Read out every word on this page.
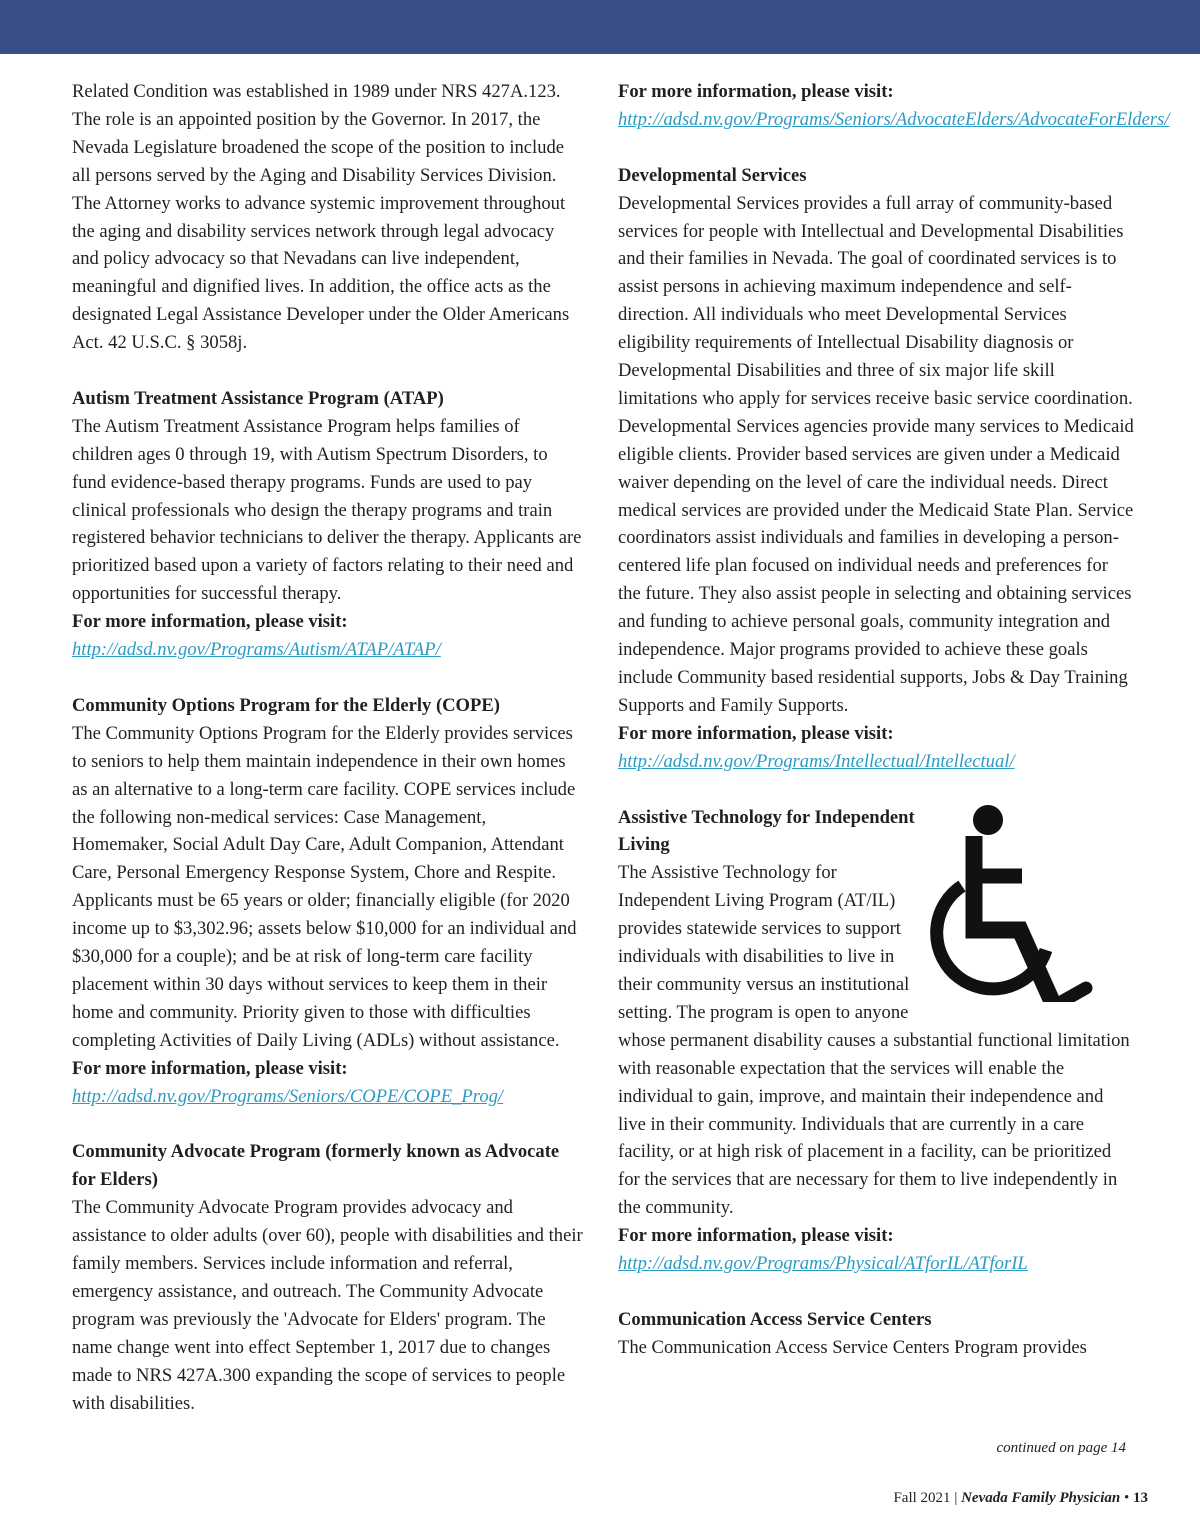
Related Condition was established in 1989 under NRS 427A.123. The role is an appointed position by the Governor. In 2017, the Nevada Legislature broadened the scope of the position to include all persons served by the Aging and Disability Services Division. The Attorney works to advance systemic improvement throughout the aging and disability services network through legal advocacy and policy advocacy so that Nevadans can live independent, meaningful and dignified lives. In addition, the office acts as the designated Legal Assistance Developer under the Older Americans Act. 42 U.S.C. § 3058j.

Autism Treatment Assistance Program (ATAP)

The Autism Treatment Assistance Program helps families of children ages 0 through 19, with Autism Spectrum Disorders, to fund evidence-based therapy programs. Funds are used to pay clinical professionals who design the therapy programs and train registered behavior technicians to deliver the therapy. Applicants are prioritized based upon a variety of factors relating to their need and opportunities for successful therapy.

For more information, please visit:

http://adsd.nv.gov/Programs/Autism/ATAP/ATAP/

Community Options Program for the Elderly (COPE)

The Community Options Program for the Elderly provides services to seniors to help them maintain independence in their own homes as an alternative to a long-term care facility. COPE services include the following non-medical services: Case Management, Homemaker, Social Adult Day Care, Adult Companion, Attendant Care, Personal Emergency Response System, Chore and Respite. Applicants must be 65 years or older; financially eligible (for 2020 income up to $3,302.96; assets below $10,000 for an individual and $30,000 for a couple); and be at risk of long-term care facility placement within 30 days without services to keep them in their home and community. Priority given to those with difficulties completing Activities of Daily Living (ADLs) without assistance.

For more information, please visit:

http://adsd.nv.gov/Programs/Seniors/COPE/COPE_Prog/

Community Advocate Program (formerly known as Advocate for Elders)

The Community Advocate Program provides advocacy and assistance to older adults (over 60), people with disabilities and their family members. Services include information and referral, emergency assistance, and outreach. The Community Advocate program was previously the 'Advocate for Elders' program. The name change went into effect September 1, 2017 due to changes made to NRS 427A.300 expanding the scope of services to people with disabilities.

For more information, please visit:

http://adsd.nv.gov/Programs/Seniors/AdvocateElders/AdvocateForElders/

Developmental Services

Developmental Services provides a full array of community-based services for people with Intellectual and Developmental Disabilities and their families in Nevada. The goal of coordinated services is to assist persons in achieving maximum independence and self-direction. All individuals who meet Developmental Services eligibility requirements of Intellectual Disability diagnosis or Developmental Disabilities and three of six major life skill limitations who apply for services receive basic service coordination. Developmental Services agencies provide many services to Medicaid eligible clients. Provider based services are given under a Medicaid waiver depending on the level of care the individual needs. Direct medical services are provided under the Medicaid State Plan. Service coordinators assist individuals and families in developing a person-centered life plan focused on individual needs and preferences for the future. They also assist people in selecting and obtaining services and funding to achieve personal goals, community integration and independence. Major programs provided to achieve these goals include Community based residential supports, Jobs & Day Training Supports and Family Supports.

For more information, please visit:

http://adsd.nv.gov/Programs/Intellectual/Intellectual/

Assistive Technology for Independent Living

The Assistive Technology for Independent Living Program (AT/IL) provides statewide services to support individuals with disabilities to live in their community versus an institutional setting. The program is open to anyone whose permanent disability causes a substantial functional limitation with reasonable expectation that the services will enable the individual to gain, improve, and maintain their independence and live in their community. Individuals that are currently in a care facility, or at high risk of placement in a facility, can be prioritized for the services that are necessary for them to live independently in the community.

For more information, please visit:

http://adsd.nv.gov/Programs/Physical/ATforIL/ATforIL

Communication Access Service Centers

The Communication Access Service Centers Program provides

continued on page 14
Fall 2021 | Nevada Family Physician • 13
